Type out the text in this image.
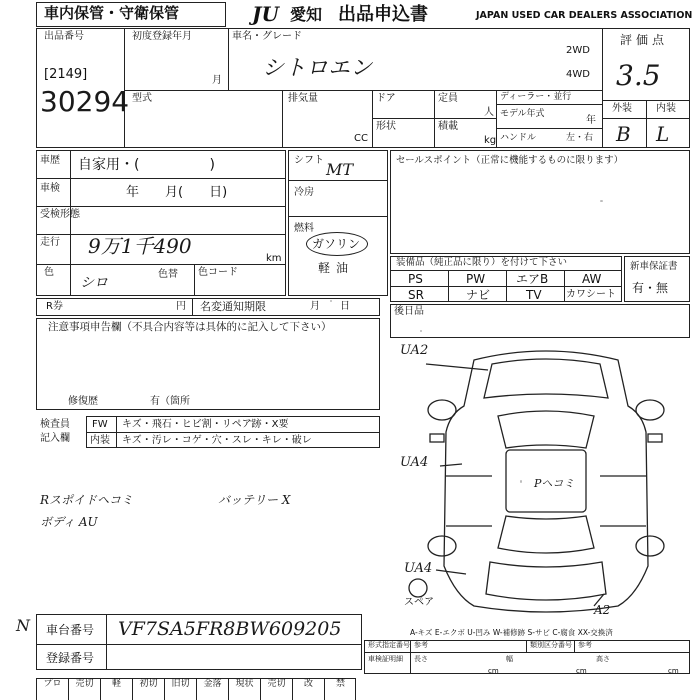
車内保管・守衛保管	JU 愛知 出品申込書	JAPAN USED CAR DEALERS ASSOCIATION
出品番号
[2149]
30294
初度登録年月
月
車名・グレード
シトロエン
2WD
4WD
評価点
3.5
外装 内装
B L
型式	排気量
CC
ドア	定員
人
形状	積載
kg
ディーラー・並行
モデル年式
年
ハンドル	左・右
車歴 自家用・(　　　　　)
車検	年　　月(　　日)
受検形態
走行 9万1千490
km
色
シロ
色替 色コード
シフト MT
冷房
燃料
ガソリン
軽油
セールスポイント（正常に機能するものに限ります）
装備品（純正品に限り）を付けて下さい
PS	PW	エアB	AW
SR	ナビ	TV カワシート
新車保証書
有・無
R券	円 名変通知期限	月　　日	後日品
注意事項申告欄（不具合内容等は具体的に記入して下さい）
修復歴	有（箇所
検査員
記入欄
FW キズ・飛石・ヒビ割・リペア跡・X要
内装 キズ・汚レ・コゲ・穴・スレ・キレ・破レ
Rスポイドヘコミ
ボディ AU
バッテリー X
N
UA2
UA4
UA4
Pヘコミ
A2
スペア
A-キズ E-エクボ U-凹み W-補修跡 S-サビ C-腐食 XX-交換済
車台番号 VF7SA5FR8BW609205
登録番号
形式指定番号 参考	類別区分番号 参考
車検証明細 長さ
cm
幅
cm
高さ
cm
プロ	売切	軽	初切	旧切	金落	現状	売切	改	禁
